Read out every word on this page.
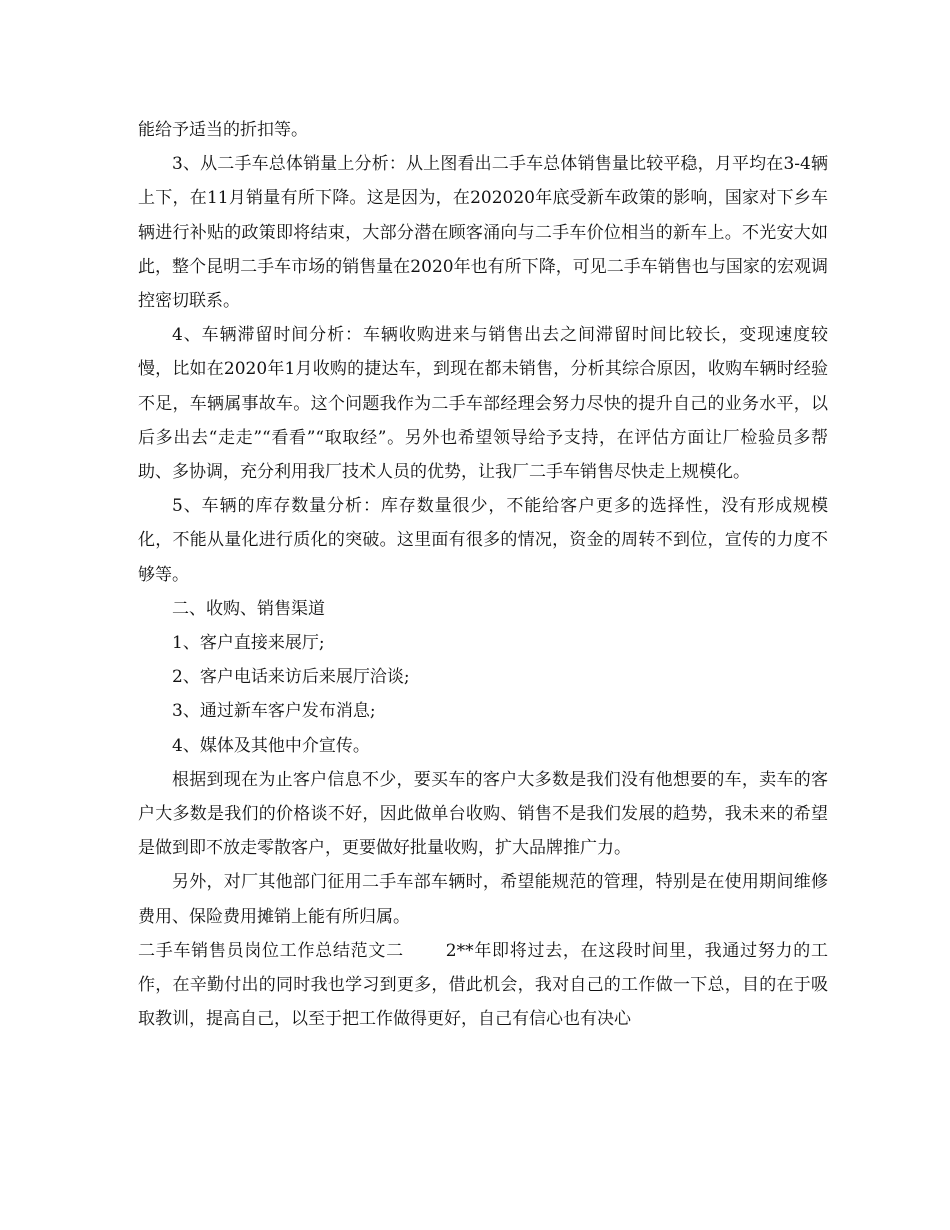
能给予适当的折扣等。

3、从二手车总体销量上分析：从上图看出二手车总体销售量比较平稳，月平均在3-4辆上下，在11月销量有所下降。这是因为，在202020年底受新车政策的影响，国家对下乡车辆进行补贴的政策即将结束，大部分潜在顾客涌向与二手车价位相当的新车上。不光安大如此，整个昆明二手车市场的销售量在2020年也有所下降，可见二手车销售也与国家的宏观调控密切联系。

4、车辆滞留时间分析：车辆收购进来与销售出去之间滞留时间比较长，变现速度较慢，比如在2020年1月收购的捷达车，到现在都未销售，分析其综合原因，收购车辆时经验不足，车辆属事故车。这个问题我作为二手车部经理会努力尽快的提升自己的业务水平，以后多出去“走走”“看看”“取取经”。另外也希望领导给予支持，在评估方面让厂检验员多帮助、多协调，充分利用我厂技术人员的优势，让我厂二手车销售尽快走上规模化。

5、车辆的库存数量分析：库存数量很少，不能给客户更多的选择性，没有形成规模化，不能从量化进行质化的突破。这里面有很多的情况，资金的周转不到位，宣传的力度不够等。

二、收购、销售渠道

1、客户直接来展厅;

2、客户电话来访后来展厅洽谈;

3、通过新车客户发布消息;

4、媒体及其他中介宣传。

根据到现在为止客户信息不少，要买车的客户大多数是我们没有他想要的车，卖车的客户大多数是我们的价格谈不好，因此做单台收购、销售不是我们发展的趋势，我未来的希望是做到即不放走零散客户，更要做好批量收购，扩大品牌推广力。

另外，对厂其他部门征用二手车部车辆时，希望能规范的管理，特别是在使用期间维修费用、保险费用摊销上能有所归属。

二手车销售员岗位工作总结范文二 2**年即将过去，在这段时间里，我通过努力的工作，在辛勤付出的同时我也学习到更多，借此机会，我对自己的工作做一下总，目的在于吸取教训，提高自己，以至于把工作做得更好，自己有信心也有决心
